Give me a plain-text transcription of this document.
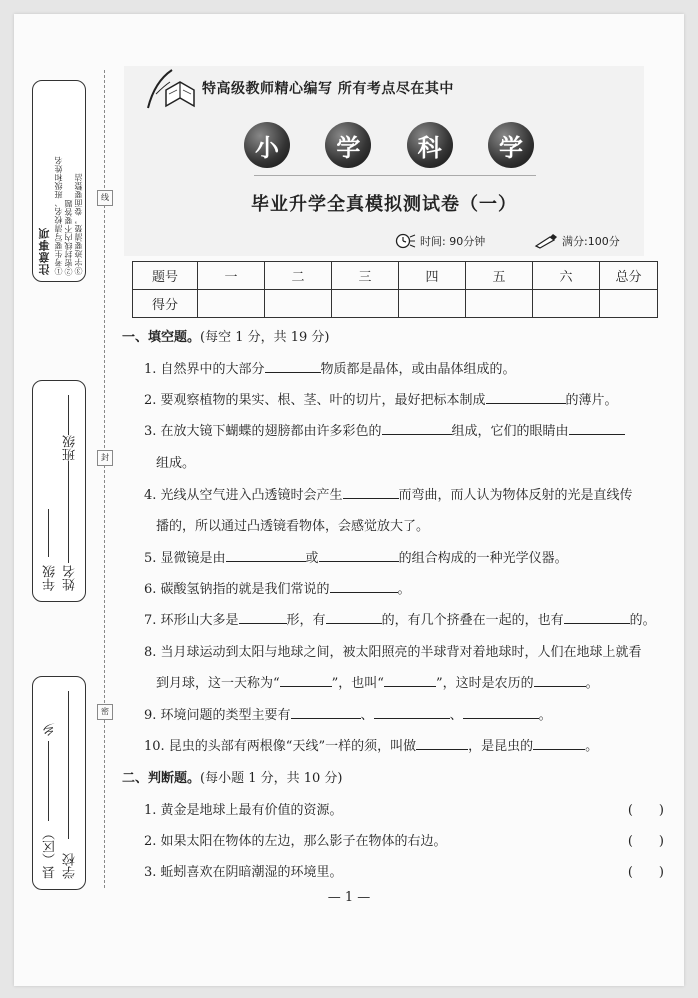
注意事项 ①考生要写清校名、班级和姓名 ②密封线内不要答题 ③字迹要清楚，卷面要整洁
年级 姓名
班级
县（区）
乡
学校
线
封
密
特高级教师精心编写 所有考点尽在其中
小	学	科	学
毕业升学全真模拟测试卷（一）
时间: 90分钟	满分:100分
题号	一	二	三	四	五	六	总分
得分							
一、填空题。(每空 1 分，共 19 分)
1. 自然界中的大部分	物质都是晶体，或由晶体组成的。
2. 要观察植物的果实、根、茎、叶的切片，最好把标本制成	的薄片。
3. 在放大镜下蝴蝶的翅膀都由许多彩色的	组成，它们的眼睛由
组成。
4. 光线从空气进入凸透镜时会产生	而弯曲，而人认为物体反射的光是直线传
播的，所以通过凸透镜看物体，会感觉放大了。
5. 显微镜是由	或	的组合构成的一种光学仪器。
6. 碳酸氢钠指的就是我们常说的	。
7. 环形山大多是	形，有	的，有几个挤叠在一起的，也有	的。
8. 当月球运动到太阳与地球之间，被太阳照亮的半球背对着地球时，人们在地球上就看
到月球，这一天称为“	”，也叫“	”，这时是农历的	。
9. 环境问题的类型主要有	、	、	。
10. 昆虫的头部有两根像“天线”一样的须，叫做	，是昆虫的	。
二、判断题。(每小题 1 分，共 10 分)
1. 黄金是地球上最有价值的资源。	(　　)
2. 如果太阳在物体的左边，那么影子在物体的右边。	(　　)
3. 蚯蚓喜欢在阴暗潮湿的环境里。	(　　)
— 1 —
